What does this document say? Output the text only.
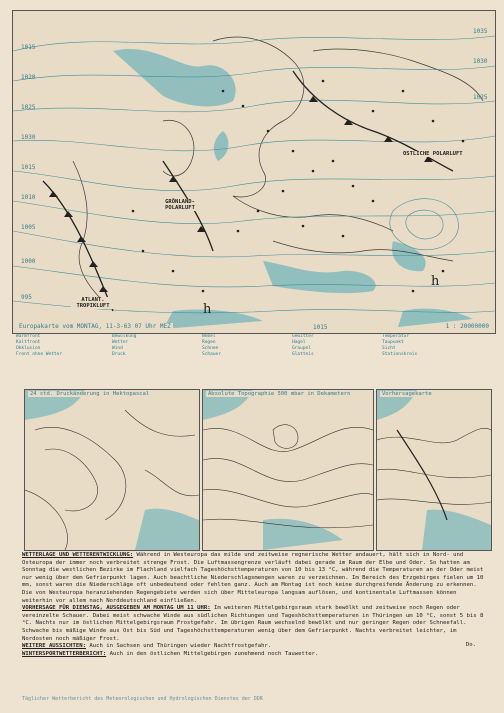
1015
1020
1025
1030
1035
1030
1025
1015
1010
1005
1000
995
1015
h
h
OSTLICHE POLARLUFT
GRÖNLAND-POLARLUFT
ATLANT. TROPIKLUFT
Europakarte vom MONTAG, 11-3-63 07 Uhr MEZ	1 : 20000000
Warmfront
Kaltfront
Okklusion
Front ohne Wetter
Bewölkung
Wetter
Wind
Druck
Nebel
Regen
Schnee
Schauer
Gewitter
Hagel
Graupel
Glatteis
Temperatur
Taupunkt
Sicht
Stationskreis
24 std. Druckänderung in Hektopascal	Absolute Topographie 500 mbar in Dekametern	Vorhersagekarte

WETTERLAGE UND WETTERENTWICKLUNG: Während in Westeuropa das milde und zeitweise regnerische Wetter andauert, hält sich in Nord- und Osteuropa der immer noch verbreitet strenge Frost. Die Luftmassengrenze verläuft dabei gerade im Raum der Elbe und Oder. So hatten am Sonntag die westlichen Bezirke im Flachland vielfach Tageshöchsttemperaturen von 10 bis 13 °C, während die Temperaturen an der Oder meist nur wenig über dem Gefrierpunkt lagen. Auch beachtliche Niederschlagsmengen waren zu verzeichnen. Im Bereich des Erzgebirges fielen um 10 mm, sonst waren die Niederschläge oft unbedeutend oder fehlten ganz. Auch am Montag ist noch keine durchgreifende Änderung zu erkennen. Die von Westeuropa heranziehenden Regengebiete werden sich über Mitteleuropa langsam auflösen, und kontinentale Luftmassen können weiterhin vor allem nach Norddeutschland einfließen.

VORHERSAGE FÜR DIENSTAG, AUSGEGEBEN AM MONTAG UM 11 UHR: Im weiteren Mittelgebirgsraum stark bewölkt und zeitweise noch Regen oder vereinzelte Schauer. Dabei meist schwache Winde aus südlichen Richtungen und Tageshöchsttemperaturen in Thüringen um 10 °C, sonst 5 bis 8 °C. Nachts nur im östlichen Mittelgebirgsraum Frostgefahr. Im übrigen Raum wechselnd bewölkt und nur geringer Regen oder Schneefall. Schwache bis mäßige Winde aus Ost bis Süd und Tageshöchsttemperaturen wenig über dem Gefrierpunkt. Nachts verbreitet leichter, im Nordosten noch mäßiger Frost.

WEITERE AUSSICHTEN: Auch in Sachsen und Thüringen wieder Nachtfrostgefahr.

WINTERSPORTWETTERBERICHT: Auch in den östlichen Mittelgebirgen zunehmend noch Tauwetter.

Do.
Täglicher Wetterbericht des Meteorologischen und Hydrologischen Dienstes der DDR
